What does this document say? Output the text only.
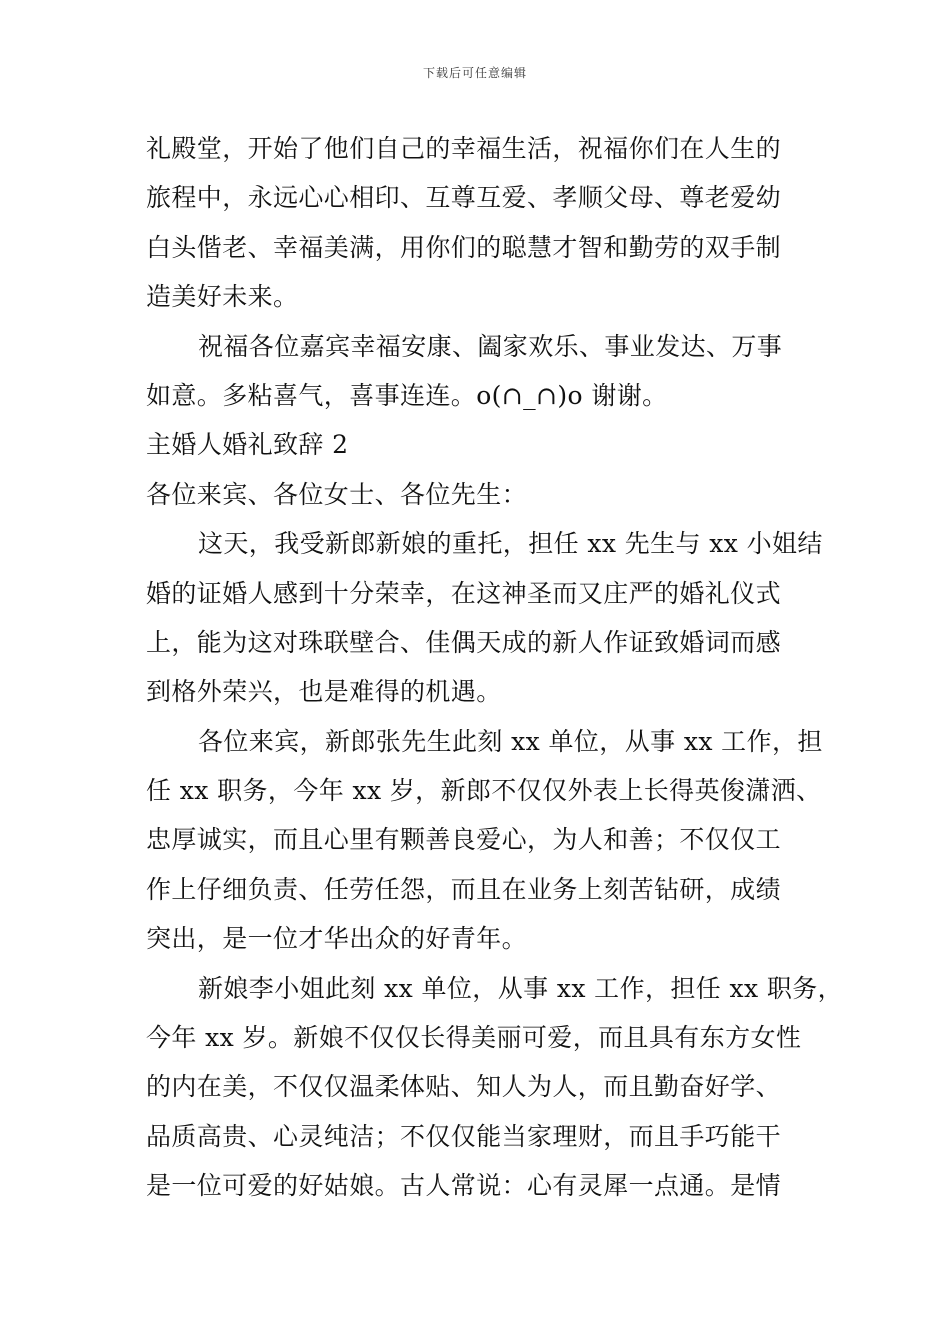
下载后可任意编辑
礼殿堂，开始了他们自己的幸福生活，祝福你们在人生的
旅程中，永远心心相印、互尊互爱、孝顺父母、尊老爱幼
白头偕老、幸福美满，用你们的聪慧才智和勤劳的双手制
造美好未来。
祝福各位嘉宾幸福安康、阖家欢乐、事业发达、万事
如意。多粘喜气，喜事连连。o(∩_∩)o 谢谢。
主婚人婚礼致辞 2
各位来宾、各位女士、各位先生：
这天，我受新郎新娘的重托，担任 xx 先生与 xx 小姐结
婚的证婚人感到十分荣幸，在这神圣而又庄严的婚礼仪式
上，能为这对珠联壁合、佳偶天成的新人作证致婚词而感
到格外荣兴，也是难得的机遇。
各位来宾，新郎张先生此刻 xx 单位，从事 xx 工作，担
任 xx 职务，今年 xx 岁，新郎不仅仅外表上长得英俊潇洒、
忠厚诚实，而且心里有颗善良爱心，为人和善；不仅仅工
作上仔细负责、任劳任怨，而且在业务上刻苦钻研，成绩
突出，是一位才华出众的好青年。
新娘李小姐此刻 xx 单位，从事 xx 工作，担任 xx 职务，
今年 xx 岁。新娘不仅仅长得美丽可爱，而且具有东方女性
的内在美，不仅仅温柔体贴、知人为人，而且勤奋好学、
品质高贵、心灵纯洁；不仅仅能当家理财，而且手巧能干
是一位可爱的好姑娘。古人常说：心有灵犀一点通。是情
